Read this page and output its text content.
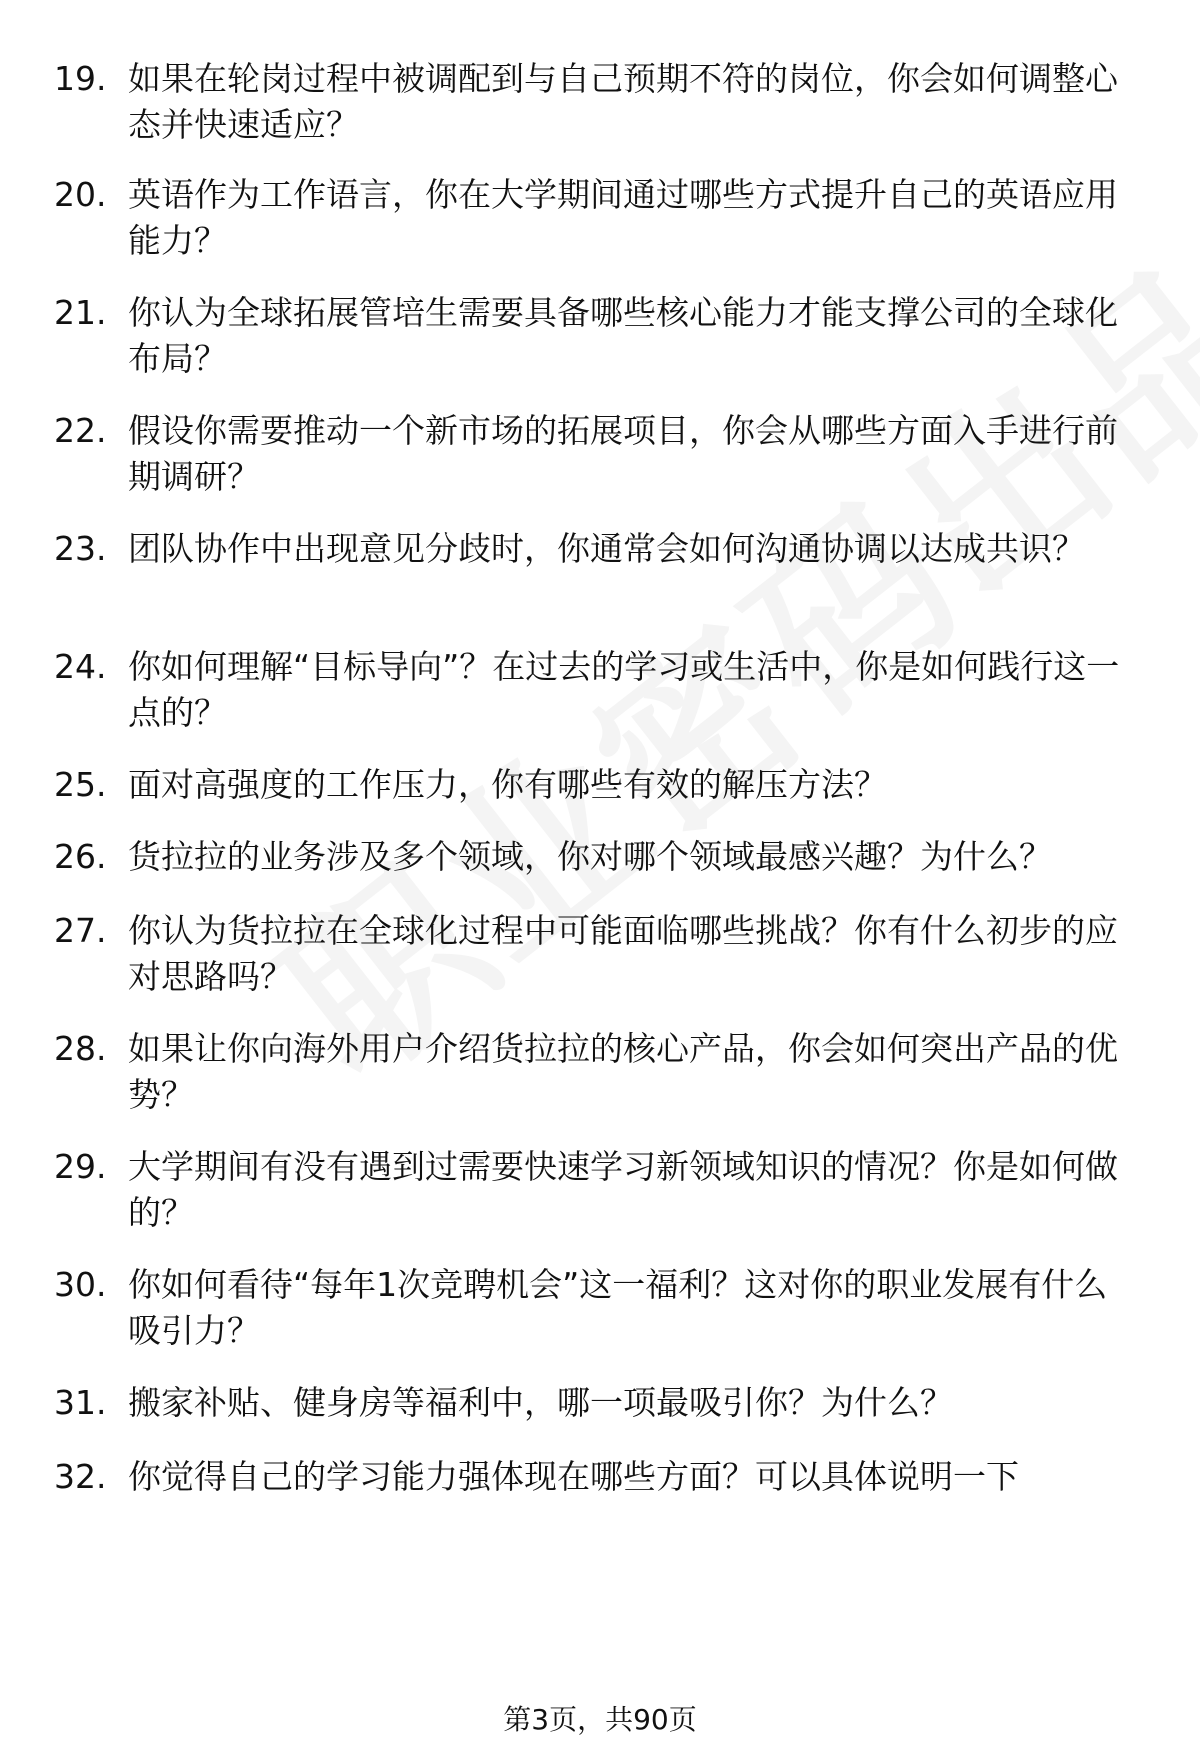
19. 如果在轮岗过程中被调配到与自己预期不符的岗位，你会如何调整心态并快速适应？
20. 英语作为工作语言，你在大学期间通过哪些方式提升自己的英语应用能力？
21. 你认为全球拓展管培生需要具备哪些核心能力才能支撑公司的全球化布局？
22. 假设你需要推动一个新市场的拓展项目，你会从哪些方面入手进行前期调研？
23. 团队协作中出现意见分歧时，你通常会如何沟通协调以达成共识？
24. 你如何理解“目标导向”？在过去的学习或生活中，你是如何践行这一点的？
25. 面对高强度的工作压力，你有哪些有效的解压方法？
26. 货拉拉的业务涉及多个领域，你对哪个领域最感兴趣？为什么？
27. 你认为货拉拉在全球化过程中可能面临哪些挑战？你有什么初步的应对思路吗？
28. 如果让你向海外用户介绍货拉拉的核心产品，你会如何突出产品的优势？
29. 大学期间有没有遇到过需要快速学习新领域知识的情况？你是如何做的？
30. 你如何看待“每年1次竞聘机会”这一福利？这对你的职业发展有什么吸引力？
31. 搬家补贴、健身房等福利中，哪一项最吸引你？为什么？
32. 你觉得自己的学习能力强体现在哪些方面？可以具体说明一下
第3页，共90页
